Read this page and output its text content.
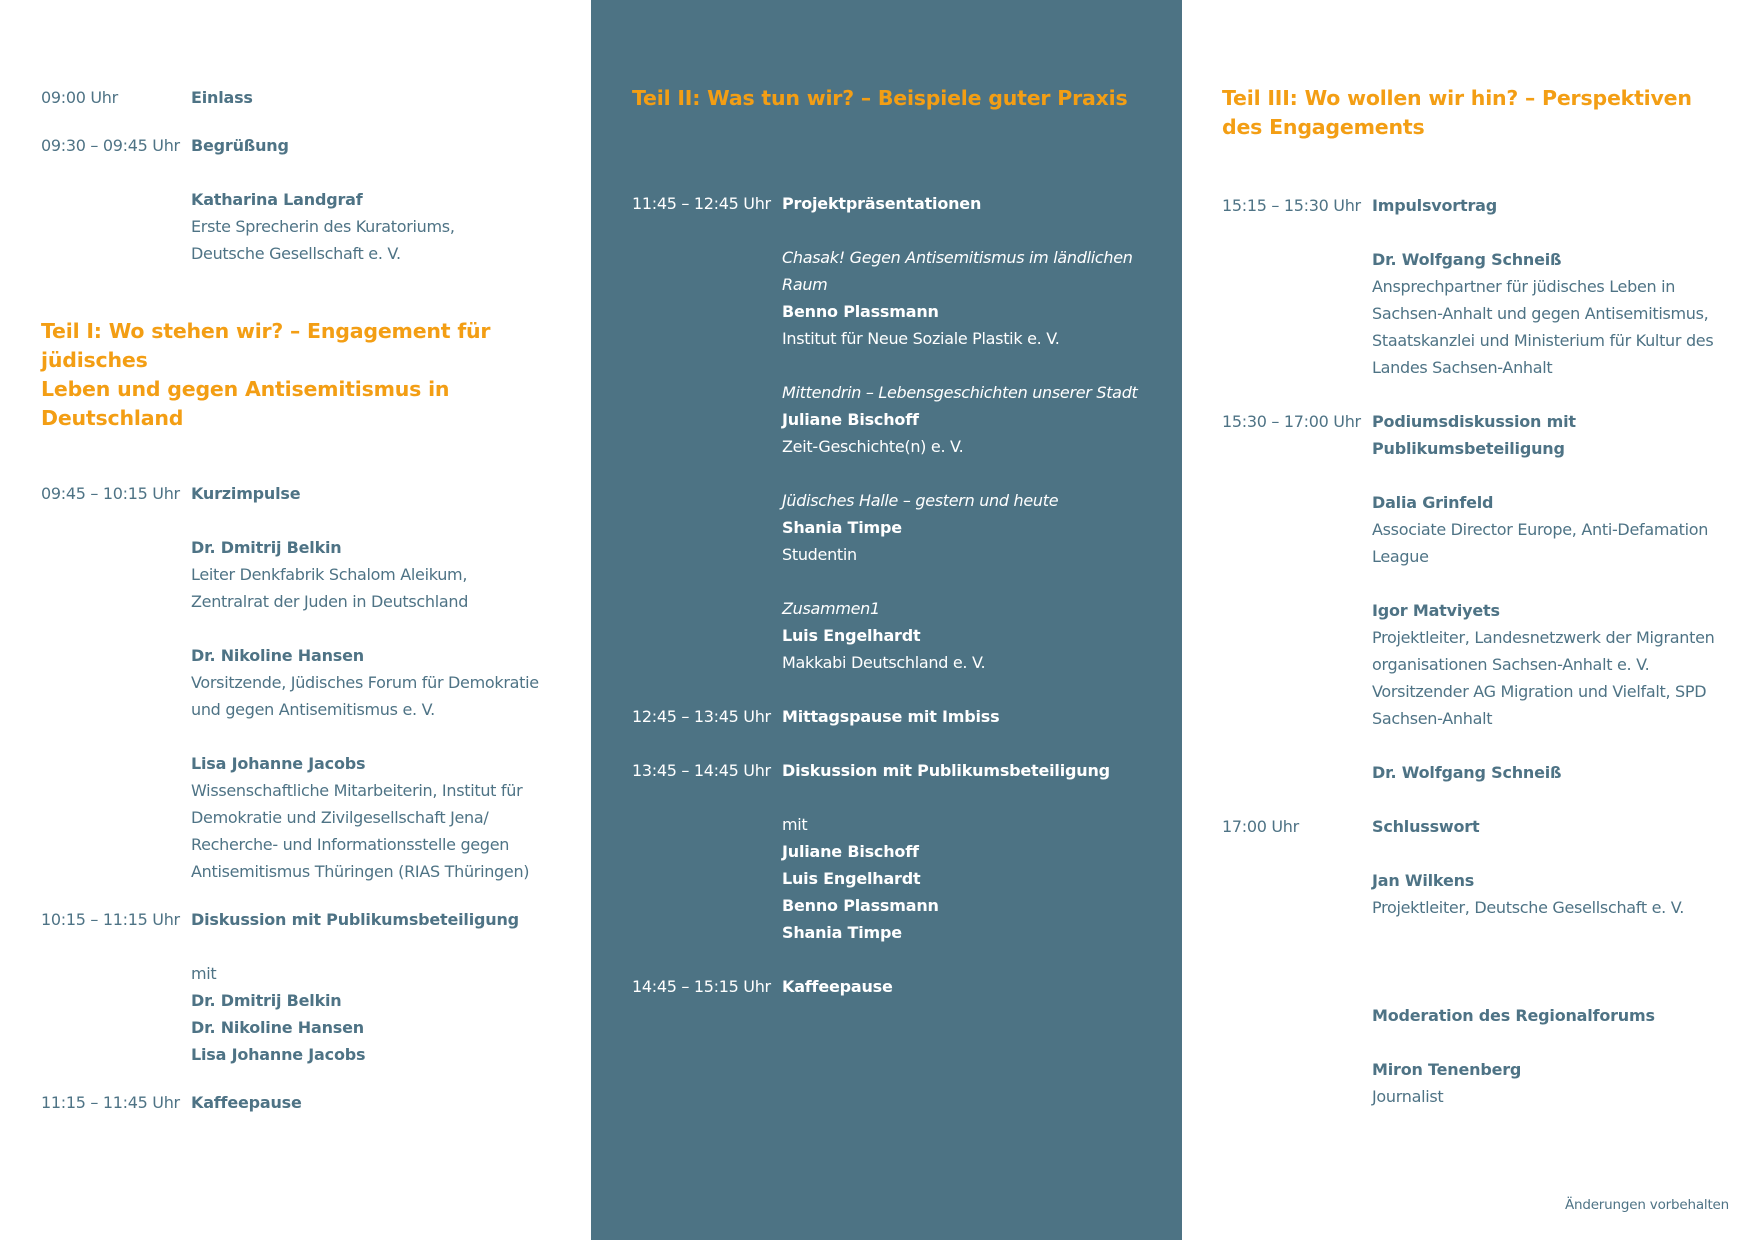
09:00 Uhr	Einlass
09:30 – 09:45 Uhr Begrüßung

Katharina Landgraf

Erste Sprecherin des Kuratoriums,

Deutsche Gesellschaft e. V.

Teil I: Wo stehen wir? – Engagement für jüdisches

Leben und gegen Antisemitismus in Deutschland

09:45 – 10:15 Uhr Kurzimpulse

Dr. Dmitrij Belkin

Leiter Denkfabrik Schalom Aleikum,

Zentralrat der Juden in Deutschland

Dr. Nikoline Hansen

Vorsitzende, Jüdisches Forum für Demokratie

und gegen Antisemitismus e. V.

Lisa Johanne Jacobs

Wissenschaftliche Mitarbeiterin, Institut für

Demokratie und Zivilgesellschaft Jena/

Recherche- und Informationsstelle gegen

Antisemitismus Thüringen (RIAS Thüringen)

10:15 – 11:15 Uhr Diskussion mit Publikumsbeteiligung

mit

Dr. Dmitrij Belkin

Dr. Nikoline Hansen

Lisa Johanne Jacobs

11:15 – 11:45 Uhr Kaffeepause

Teil II: Was tun wir? – Beispiele guter Praxis

11:45 – 12:45 Uhr Projektpräsentationen

Chasak! Gegen Antisemitismus im ländlichen Raum

Benno Plassmann

Institut für Neue Soziale Plastik e. V.

Mittendrin – Lebensgeschichten unserer Stadt

Juliane Bischoff

Zeit-Geschichte(n) e. V.

Jüdisches Halle – gestern und heute

Shania Timpe

Studentin

Zusammen1

Luis Engelhardt

Makkabi Deutschland e. V.

12:45 – 13:45 Uhr Mittagspause mit Imbiss
13:45 – 14:45 Uhr Diskussion mit Publikumsbeteiligung

mit

Juliane Bischoff

Luis Engelhardt

Benno Plassmann

Shania Timpe

14:45 – 15:15 Uhr Kaffeepause

Teil III: Wo wollen wir hin? – Perspektiven

des Engagements

15:15 – 15:30 Uhr Impulsvortrag

Dr. Wolfgang Schneiß

Ansprechpartner für jüdisches Leben in

Sachsen-Anhalt und gegen Antisemitismus,

Staatskanzlei und Ministerium für Kultur des

Landes Sachsen-Anhalt

15:30 – 17:00 Uhr Podiumsdiskussion mit

Publikumsbeteiligung

Dalia Grinfeld

Associate Director Europe, Anti-Defamation

League

Igor Matviyets

Projektleiter, Landesnetzwerk der Migranten

organisationen Sachsen-Anhalt e. V.

Vorsitzender AG Migration und Vielfalt, SPD

Sachsen-Anhalt

Dr. Wolfgang Schneiß

17:00 Uhr	Schlusswort

Jan Wilkens

Projektleiter, Deutsche Gesellschaft e. V.

Moderation des Regionalforums

Miron Tenenberg

Journalist

Änderungen vorbehalten
